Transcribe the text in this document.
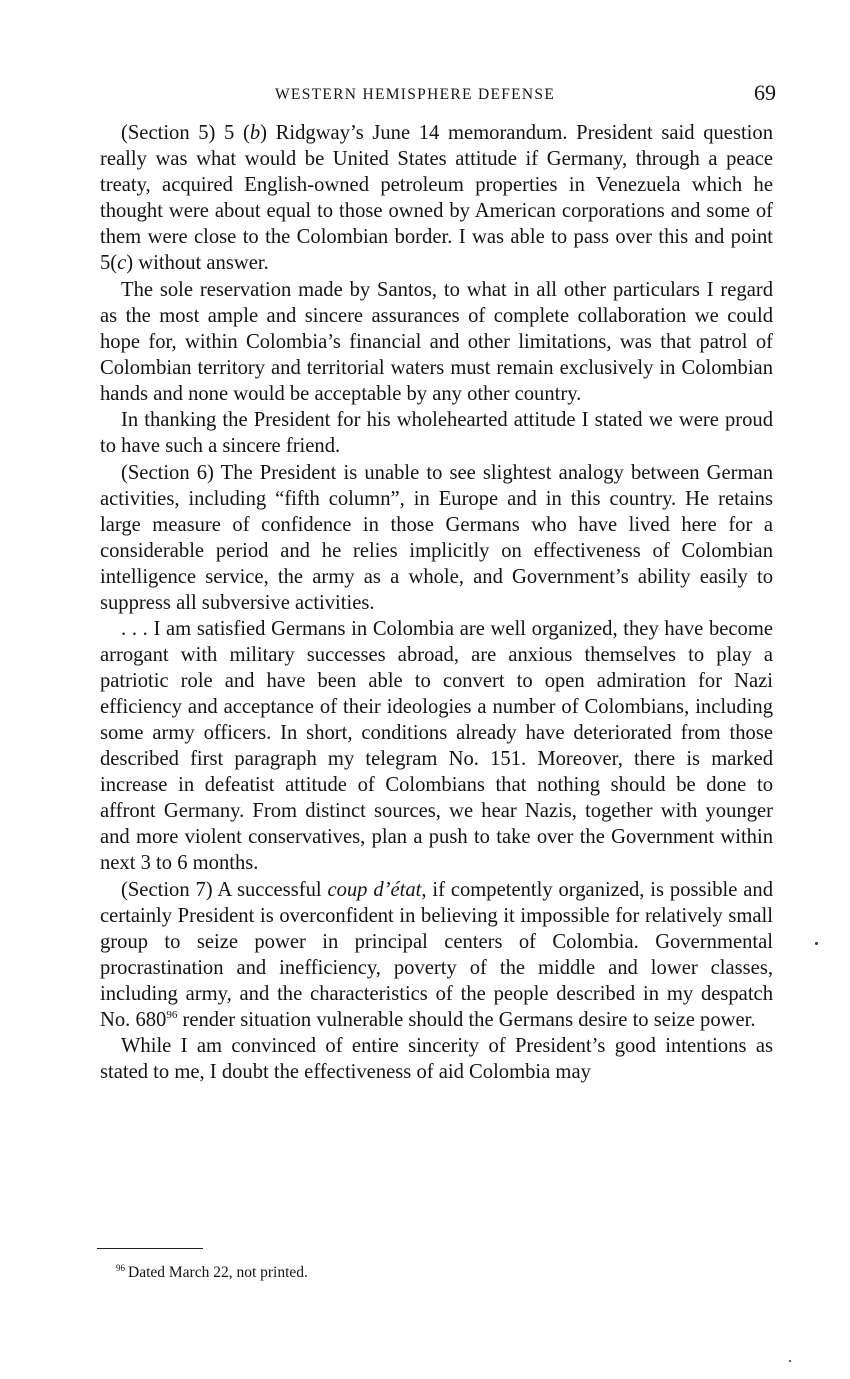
WESTERN HEMISPHERE DEFENSE	69

(Section 5) 5 (b) Ridgway’s June 14 memorandum. President said question really was what would be United States attitude if Germany, through a peace treaty, acquired English-owned petroleum properties in Venezuela which he thought were about equal to those owned by American corporations and some of them were close to the Colombian border. I was able to pass over this and point 5(c) without answer.

The sole reservation made by Santos, to what in all other particulars I regard as the most ample and sincere assurances of complete collaboration we could hope for, within Colombia’s financial and other limitations, was that patrol of Colombian territory and territorial waters must remain exclusively in Colombian hands and none would be acceptable by any other country.

In thanking the President for his wholehearted attitude I stated we were proud to have such a sincere friend.

(Section 6) The President is unable to see slightest analogy between German activities, including “fifth column”, in Europe and in this country. He retains large measure of confidence in those Germans who have lived here for a considerable period and he relies implicitly on effectiveness of Colombian intelligence service, the army as a whole, and Government’s ability easily to suppress all subversive activities.

. . . I am satisfied Germans in Colombia are well organized, they have become arrogant with military successes abroad, are anxious themselves to play a patriotic role and have been able to convert to open admiration for Nazi efficiency and acceptance of their ideologies a number of Colombians, including some army officers. In short, conditions already have deteriorated from those described first paragraph my telegram No. 151. Moreover, there is marked increase in defeatist attitude of Colombians that nothing should be done to affront Germany. From distinct sources, we hear Nazis, together with younger and more violent conservatives, plan a push to take over the Government within next 3 to 6 months.

(Section 7) A successful coup d’état, if competently organized, is possible and certainly President is overconfident in believing it impossible for relatively small group to seize power in principal centers of Colombia. Governmental procrastination and inefficiency, poverty of the middle and lower classes, including army, and the characteristics of the people described in my despatch No. $680^{96}$ render situation vulnerable should the Germans desire to seize power.

While I am convinced of entire sincerity of President’s good intentions as stated to me, I doubt the effectiveness of aid Colombia may

$^{96}$ Dated March 22, not printed.
